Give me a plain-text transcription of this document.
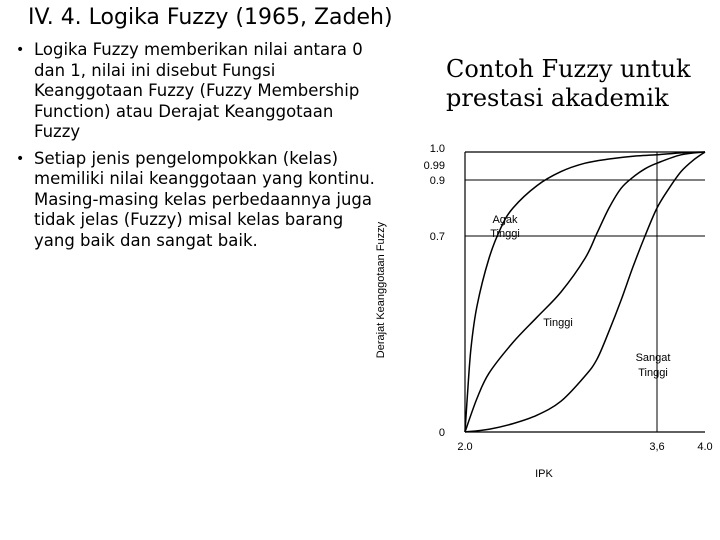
IV. 4. Logika Fuzzy (1965, Zadeh)
• Logika Fuzzy memberikan nilai antara 0 dan 1, nilai ini disebut Fungsi Keanggotaan Fuzzy (Fuzzy Membership Function) atau Derajat Keanggotaan Fuzzy
• Setiap jenis pengelompokkan (kelas) memiliki nilai keanggotaan yang kontinu. Masing-masing kelas perbedaannya juga tidak jelas (Fuzzy) misal kelas barang yang baik dan sangat baik.
Contoh Fuzzy untuk prestasi akademik
0
0.7
0.9
0.99
1.0
2.0	3,6	4.0
Agak
Tinggi
Tinggi
Sangat
Tinggi
IPK
Derajat Keanggotaan Fuzzy
